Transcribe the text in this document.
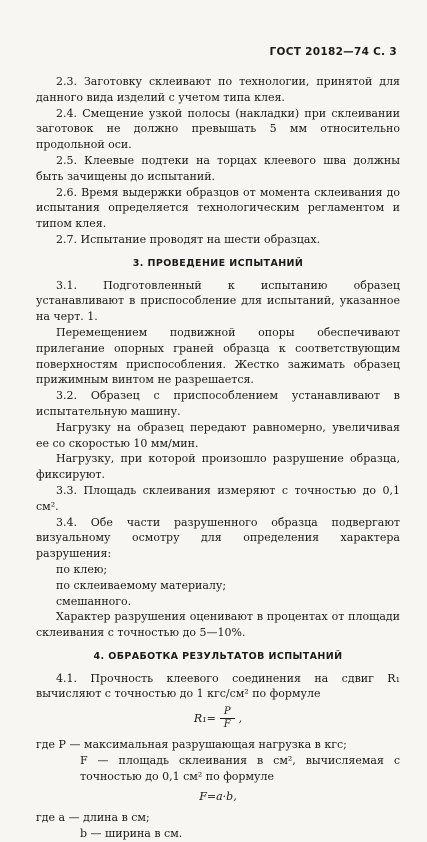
ГОСТ 20182—74 С. 3

2.3. Заготовку склеивают по технологии, принятой для данного вида изделий с учетом типа клея.

2.4. Смещение узкой полосы (накладки) при склеивании заготовок не должно превышать 5 мм относительно продольной оси.

2.5. Клеевые подтеки на торцах клеевого шва должны быть зачищены до испытаний.

2.6. Время выдержки образцов от момента склеивания до испытания определяется технологическим регламентом и типом клея.

2.7. Испытание проводят на шести образцах.

3. ПРОВЕДЕНИЕ ИСПЫТАНИЙ

3.1. Подготовленный к испытанию образец устанавливают в приспособление для испытаний, указанное на черт. 1.

Перемещением подвижной опоры обеспечивают прилегание опорных граней образца к соответствующим поверхностям приспособления. Жестко зажимать образец прижимным винтом не разрешается.

3.2. Образец с приспособлением устанавливают в испытательную машину.

Нагрузку на образец передают равномерно, увеличивая ее со скоростью 10 мм/мин.

Нагрузку, при которой произошло разрушение образца, фиксируют.

3.3. Площадь склеивания измеряют с точностью до 0,1 см².

3.4. Обе части разрушенного образца подвергают визуальному осмотру для определения характера разрушения:

по клею;

по склеиваемому материалу;

смешанного.

Характер разрушения оценивают в процентах от площади склеивания с точностью до 5—10%.

4. ОБРАБОТКА РЕЗУЛЬТАТОВ ИСПЫТАНИЙ

4.1. Прочность клеевого соединения на сдвиг R₁ вычисляют с точностью до 1 кгс/см² по формуле

$R_1= \frac{P}{F}$ ,

где P — максимальная разрушающая нагрузка в кгс;

F — площадь склеивания в см², вычисляемая с точностью до 0,1 см² по формуле

F=a·b,

где a — длина в см;

b — ширина в см.
